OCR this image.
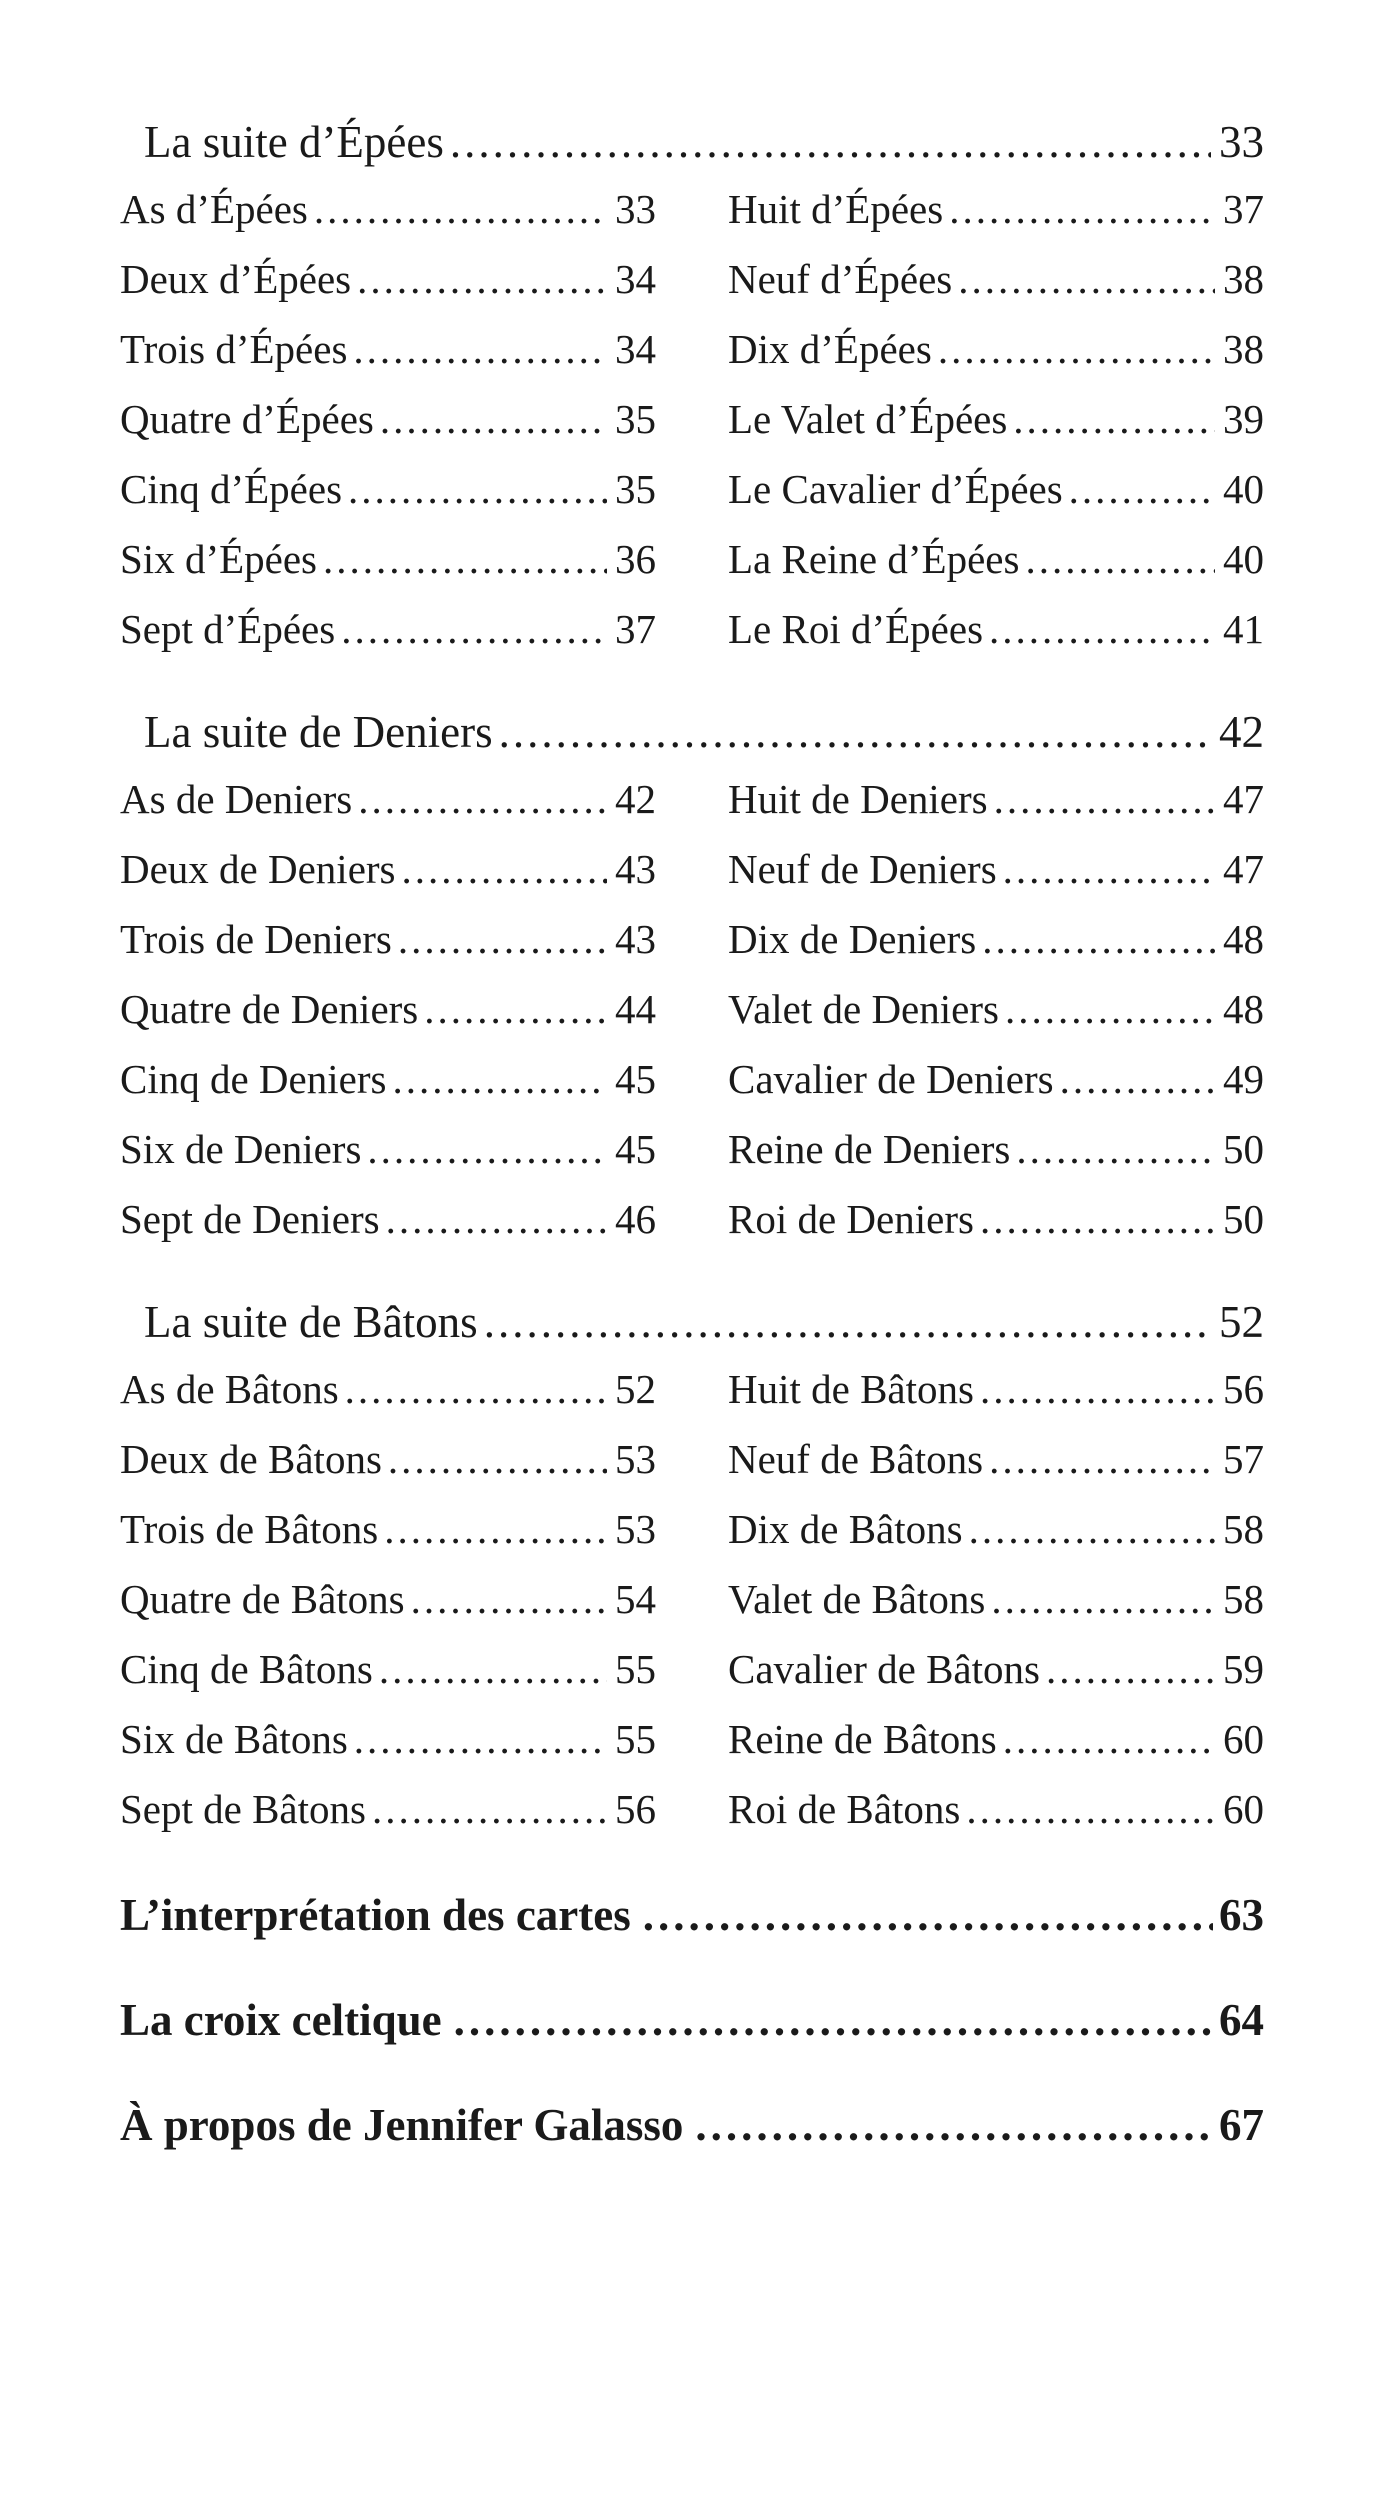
La suite d’Épées .....	33
As d’Épées .....	33
Deux d’Épées .....	34
Trois d’Épées .....	34
Quatre d’Épées .....	35
Cinq d’Épées .....	35
Six d’Épées .....	36
Sept d’Épées .....	37
Huit d’Épées .....	37
Neuf d’Épées .....	38
Dix d’Épées .....	38
Le Valet d’Épées .....	39
Le Cavalier d’Épées .....	40
La Reine d’Épées .....	40
Le Roi d’Épées .....	41
La suite de Deniers .....	42
As de Deniers .....	42
Deux de Deniers .....	43
Trois de Deniers .....	43
Quatre de Deniers .....	44
Cinq de Deniers .....	45
Six de Deniers .....	45
Sept de Deniers .....	46
Huit de Deniers .....	47
Neuf de Deniers .....	47
Dix de Deniers .....	48
Valet de Deniers .....	48
Cavalier de Deniers .....	49
Reine de Deniers .....	50
Roi de Deniers .....	50
La suite de Bâtons .....	52
As de Bâtons .....	52
Deux de Bâtons .....	53
Trois de Bâtons .....	53
Quatre de Bâtons .....	54
Cinq de Bâtons .....	55
Six de Bâtons .....	55
Sept de Bâtons .....	56
Huit de Bâtons .....	56
Neuf de Bâtons .....	57
Dix de Bâtons .....	58
Valet de Bâtons .....	58
Cavalier de Bâtons .....	59
Reine de Bâtons .....	60
Roi de Bâtons .....	60
L’interprétation des cartes .....	63
La croix celtique .....	64
À propos de Jennifer Galasso .....	67
